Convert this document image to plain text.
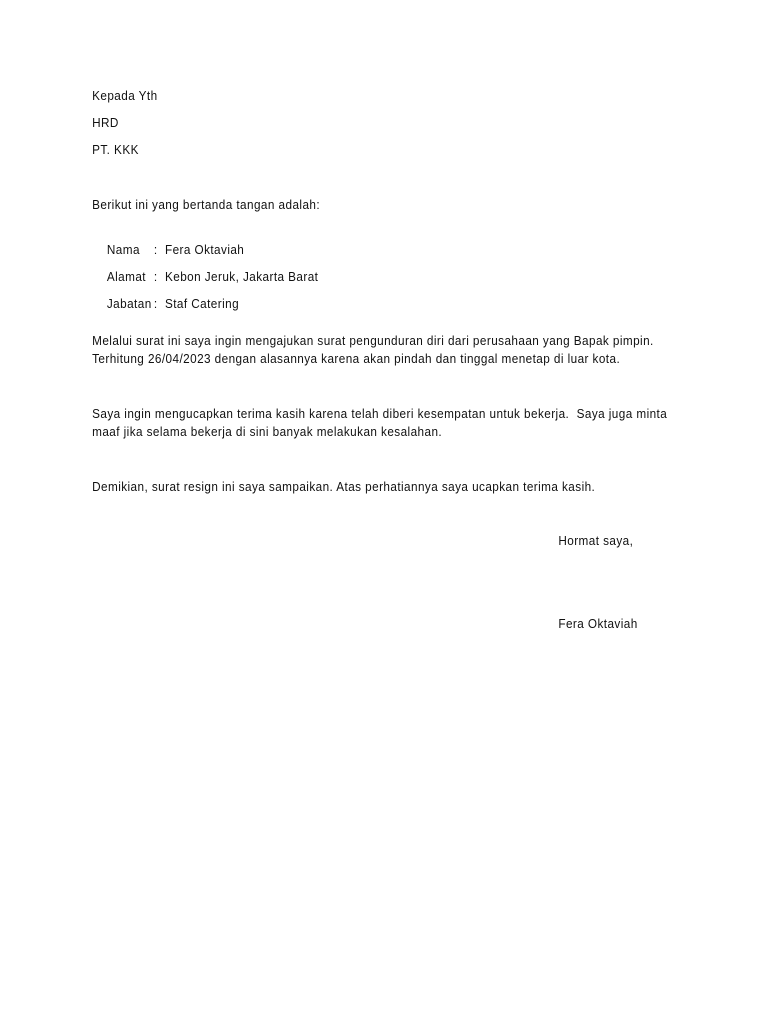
Kepada Yth
HRD
PT. KKK
Berikut ini yang bertanda tangan adalah:

Nama : Fera Oktaviah

Alamat : Kebon Jeruk, Jakarta Barat

Jabatan : Staf Catering

Melalui surat ini saya ingin mengajukan surat pengunduran diri dari perusahaan yang Bapak pimpin.
Terhitung 26/04/2023 dengan alasannya karena akan pindah dan tinggal menetap di luar kota.
Saya ingin mengucapkan terima kasih karena telah diberi kesempatan untuk bekerja.  Saya juga minta
maaf jika selama bekerja di sini banyak melakukan kesalahan.
Demikian, surat resign ini saya sampaikan. Atas perhatiannya saya ucapkan terima kasih.
Hormat saya,
Fera Oktaviah
